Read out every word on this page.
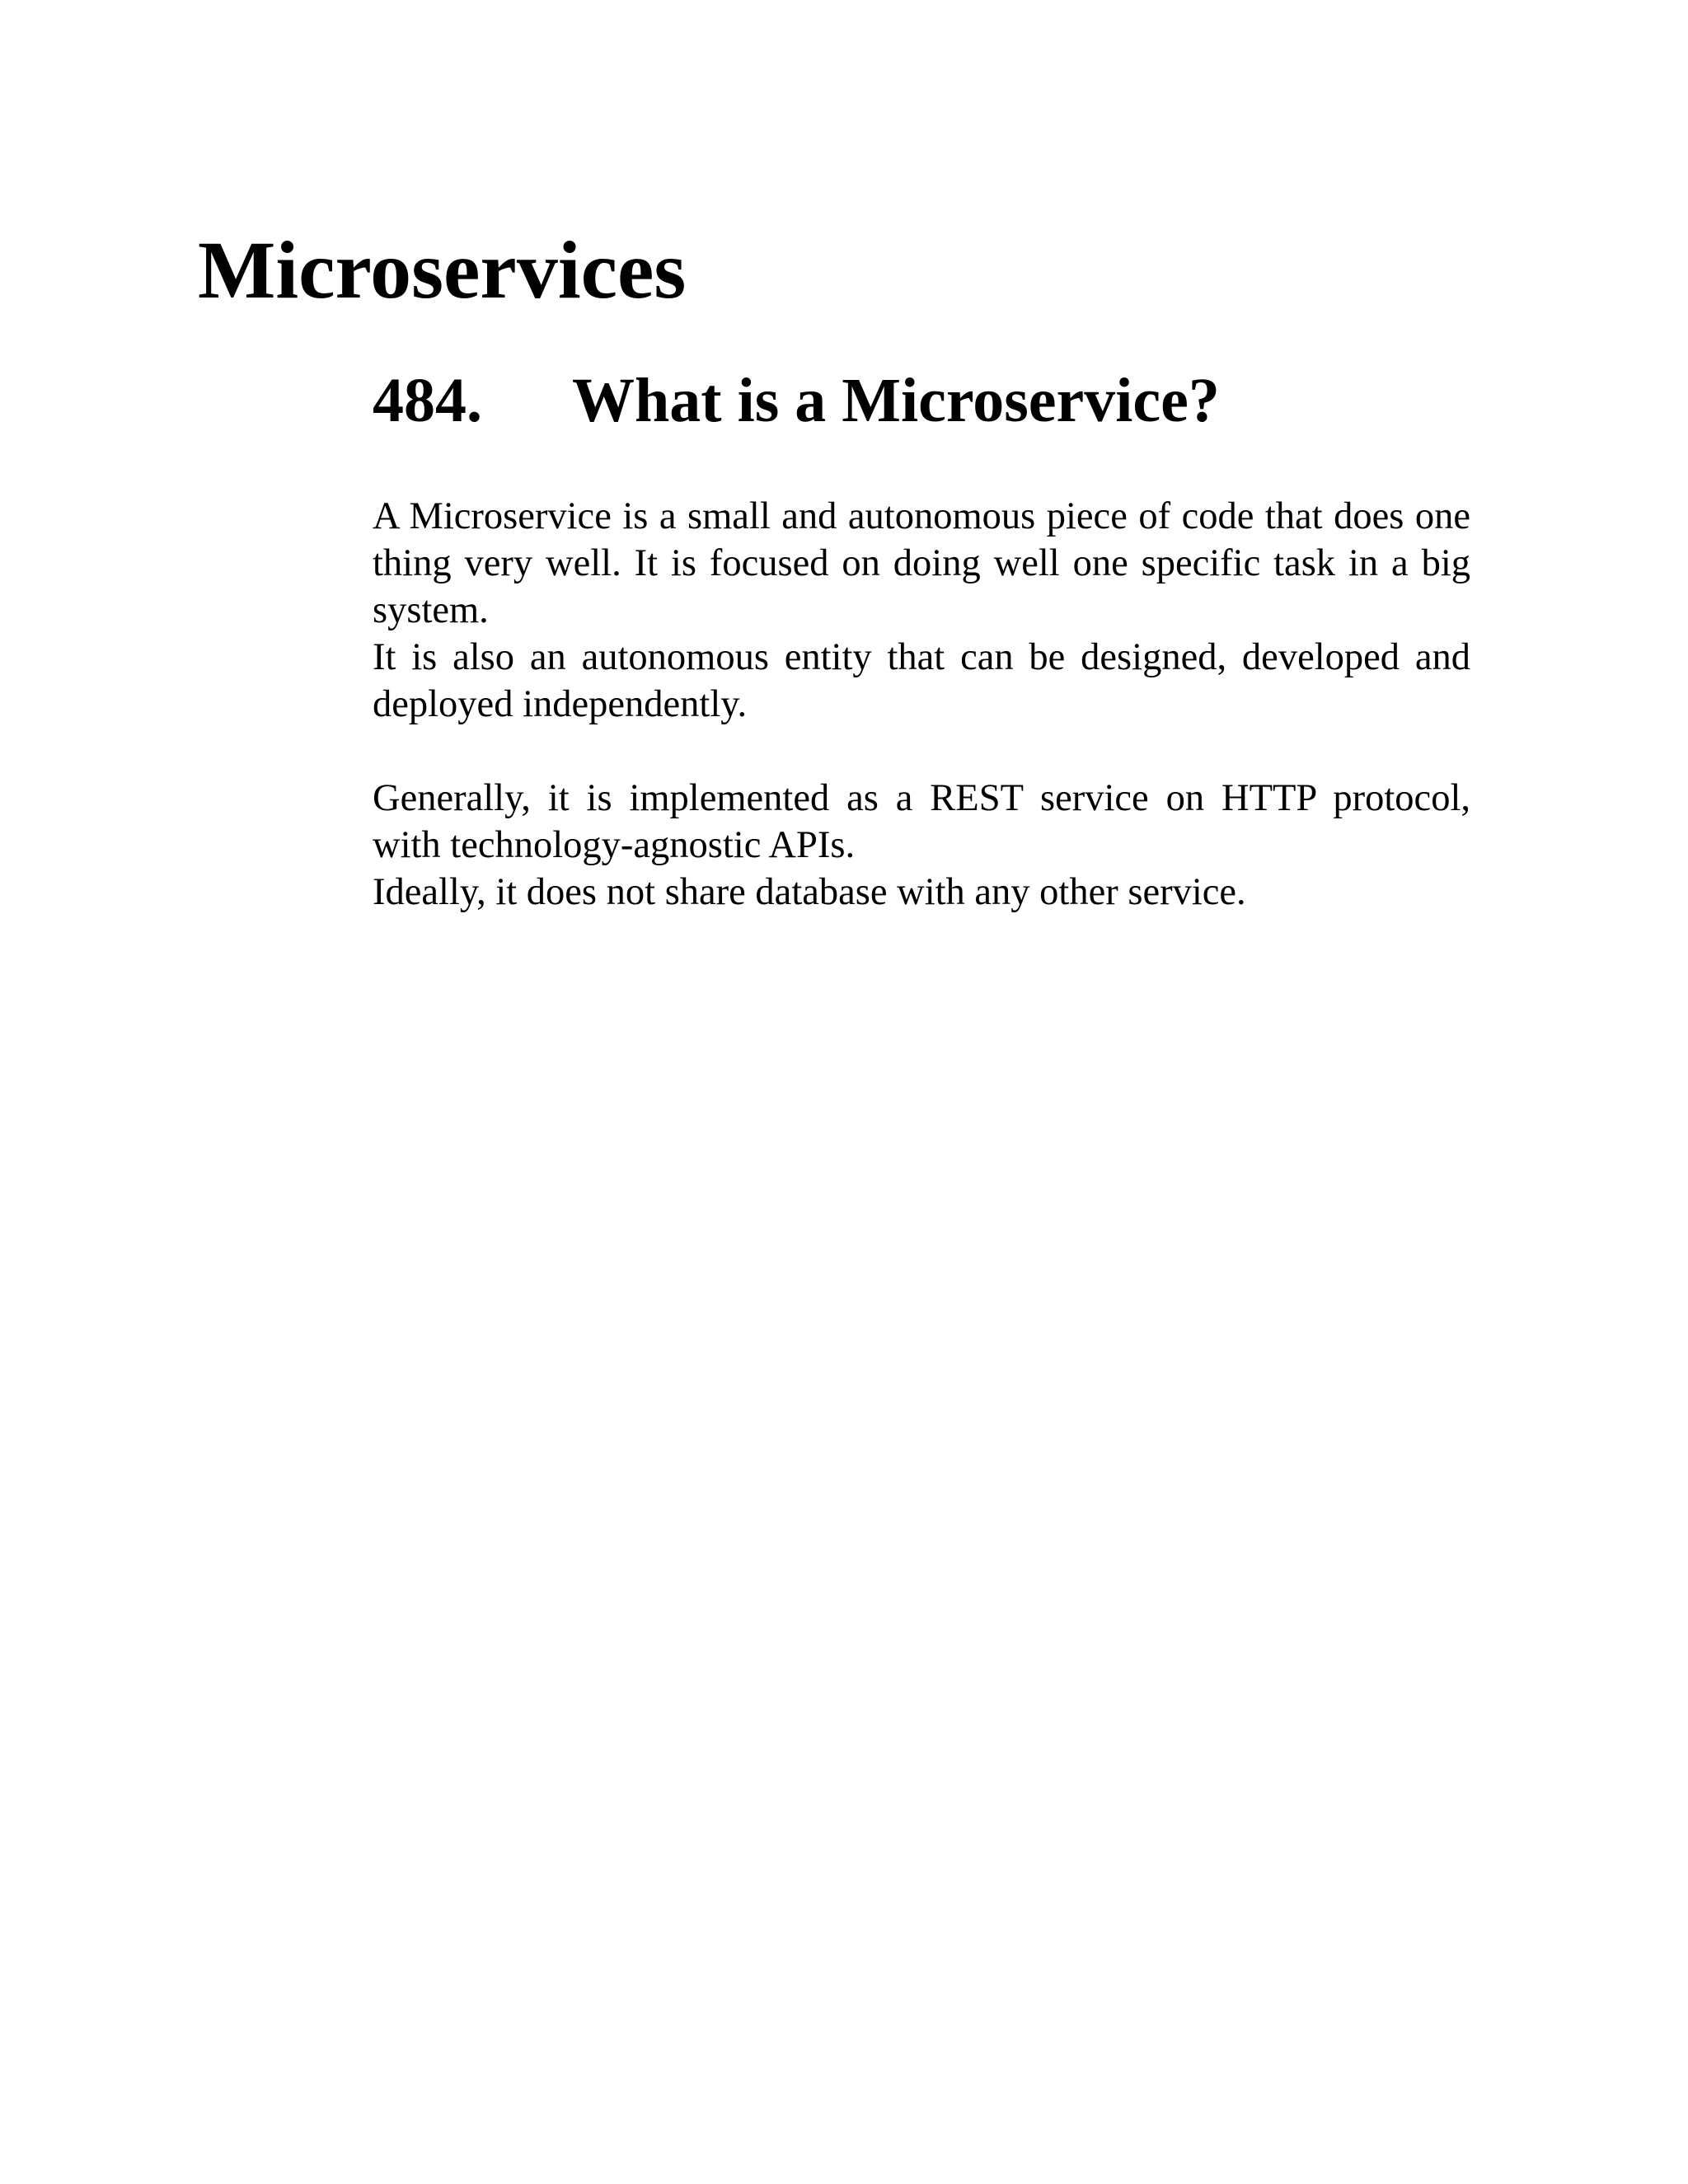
Microservices
484. What is a Microservice?

A Microservice is a small and autonomous piece of code that does one thing very well. It is focused on doing well one specific task in a big system.

It is also an autonomous entity that can be designed, developed and deployed independently.

Generally, it is implemented as a REST service on HTTP protocol, with technology-agnostic APIs.

Ideally, it does not share database with any other service.
